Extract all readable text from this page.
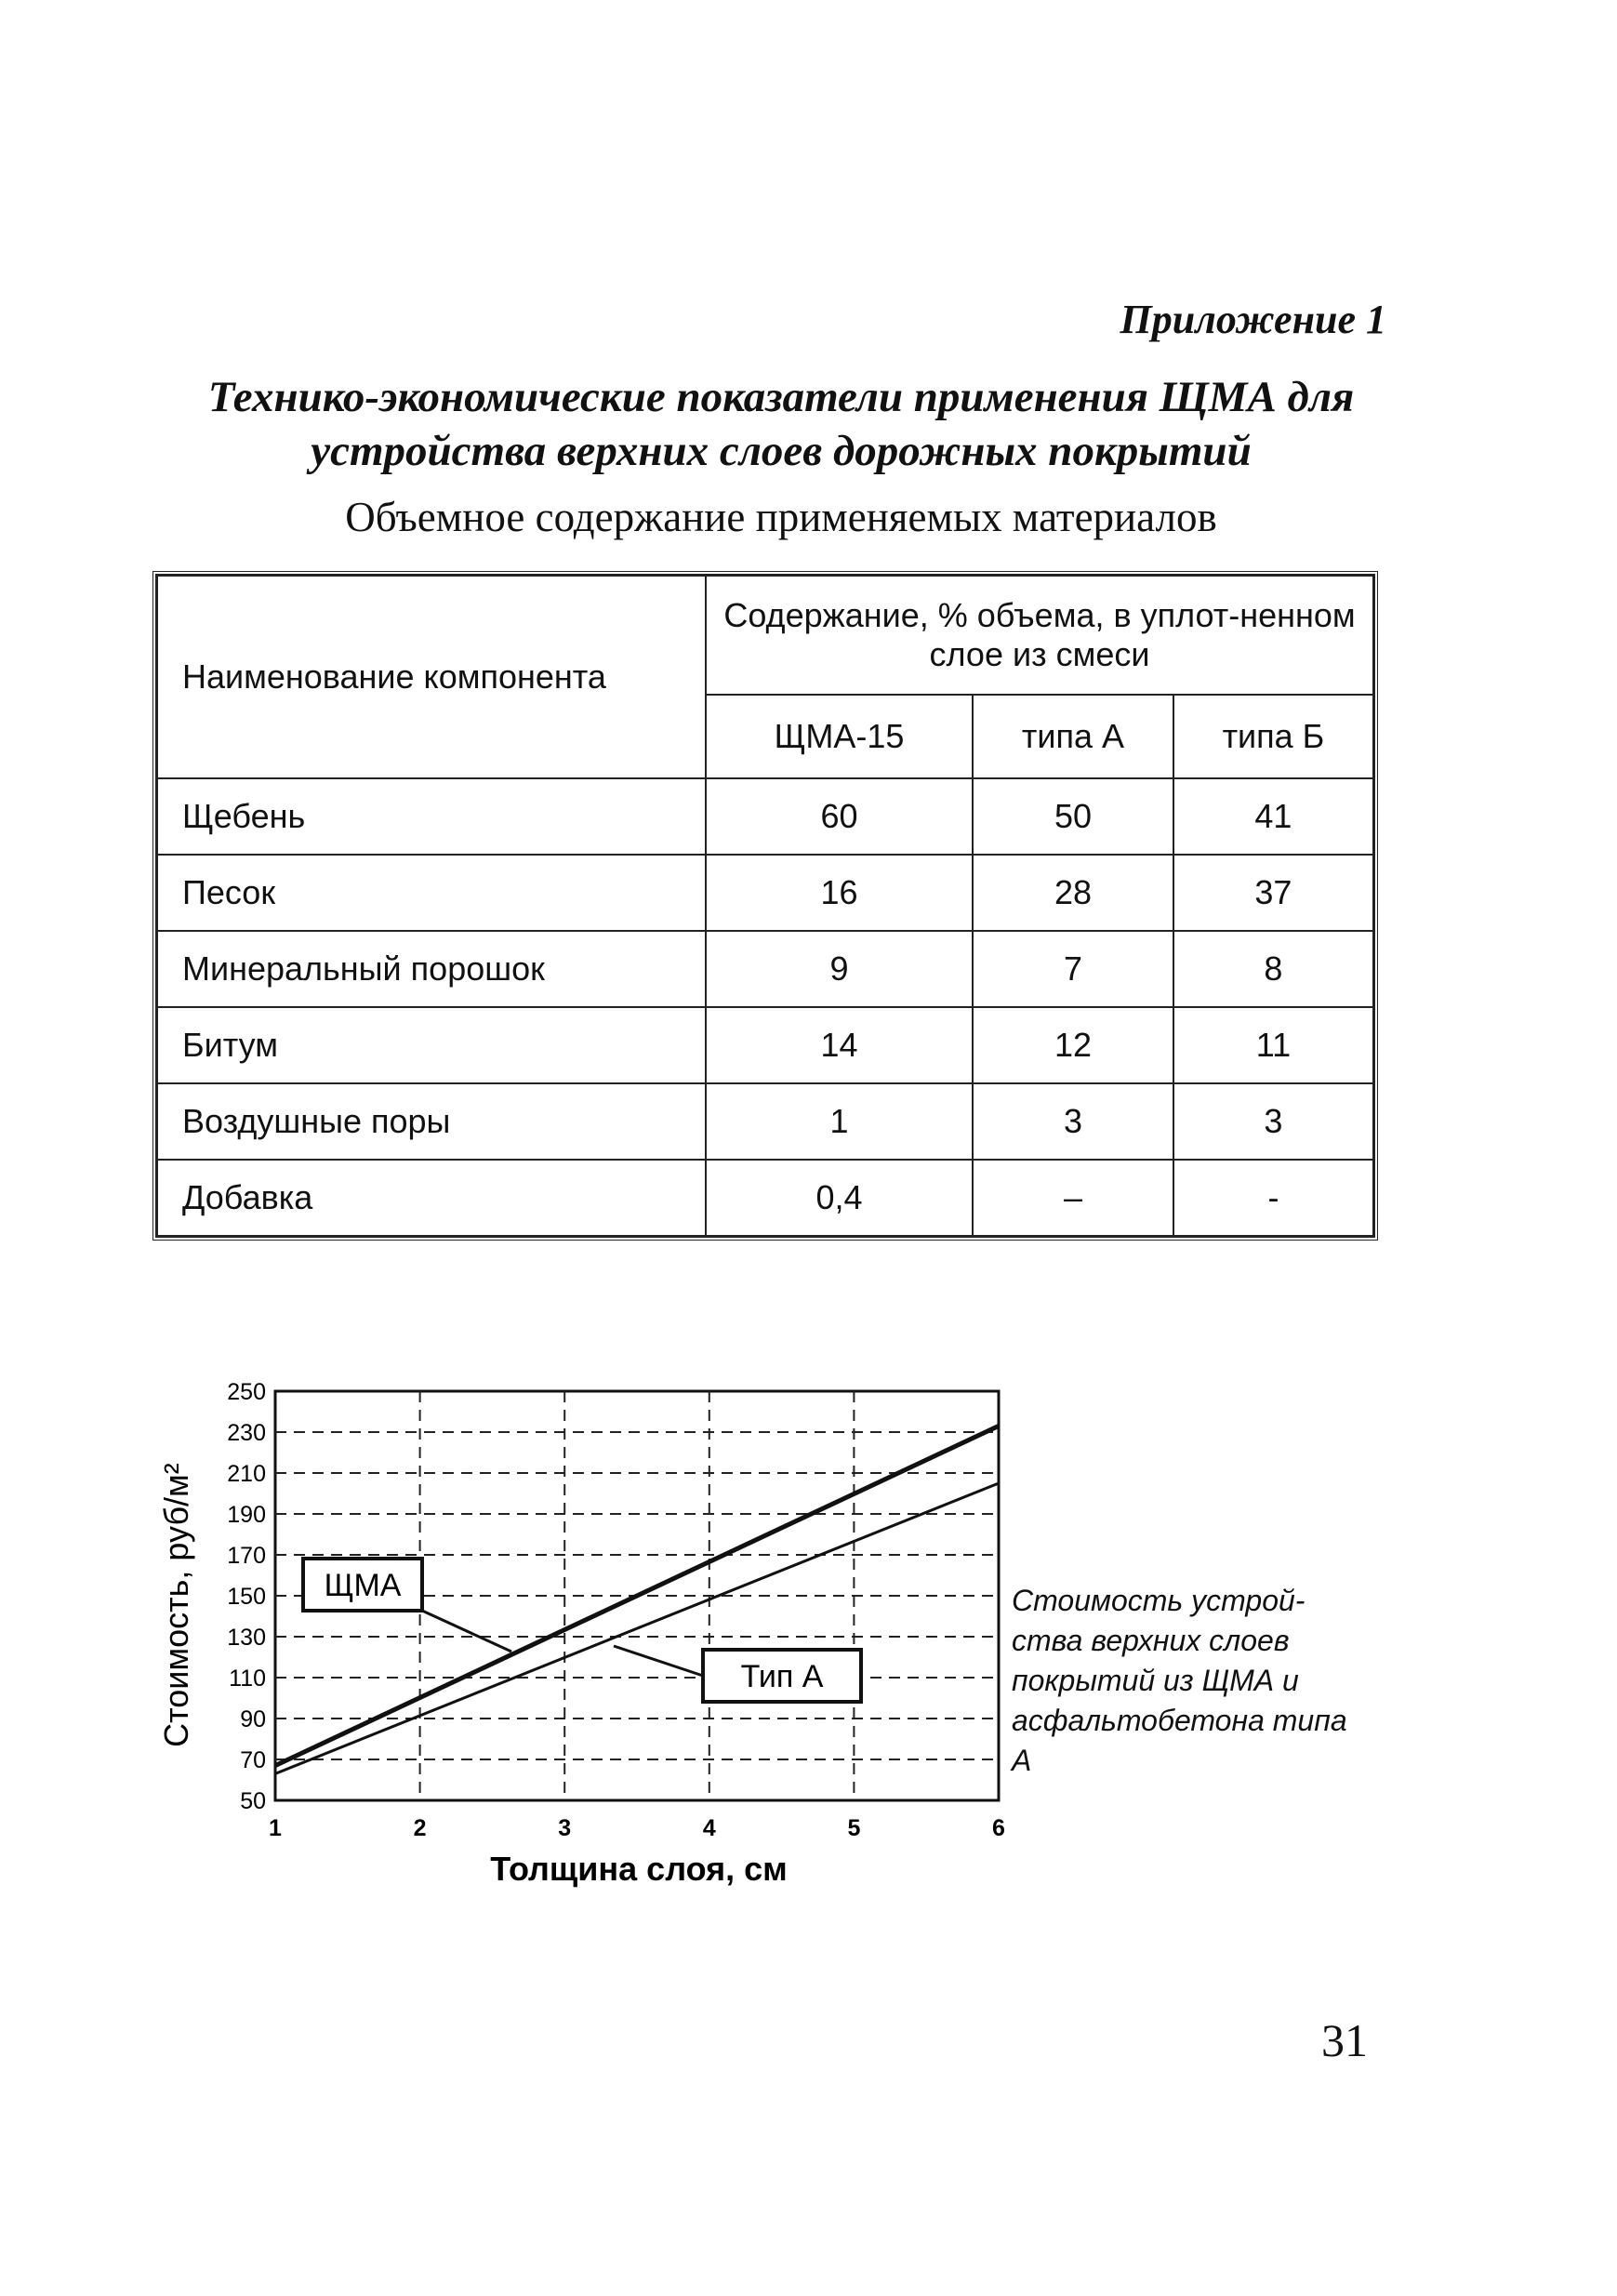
Приложение 1
Технико-экономические показатели применения ЩМА для
устройства верхних слоев дорожных покрытий
Объемное содержание применяемых материалов
Наименование компонента	Содержание, % объема, в уплот-ненном слое из смеси		
	ЩМА-15	типа А	типа Б
Щебень	60	50	41
Песок	16	28	37
Минеральный порошок	9	7	8
Битум	14	12	11
Воздушные поры	1	3	3
Добавка	0,4	–	-
50
70
90
110
130
150
170
190
210
230
250
1	2	3	4	5	6
ЩМА
Тип А
Толщина слоя, см
Стоимость, руб/м²	Стоимость устрой-ства верхних слоев покрытий из ЩМА и асфальтобетона типа А
31
